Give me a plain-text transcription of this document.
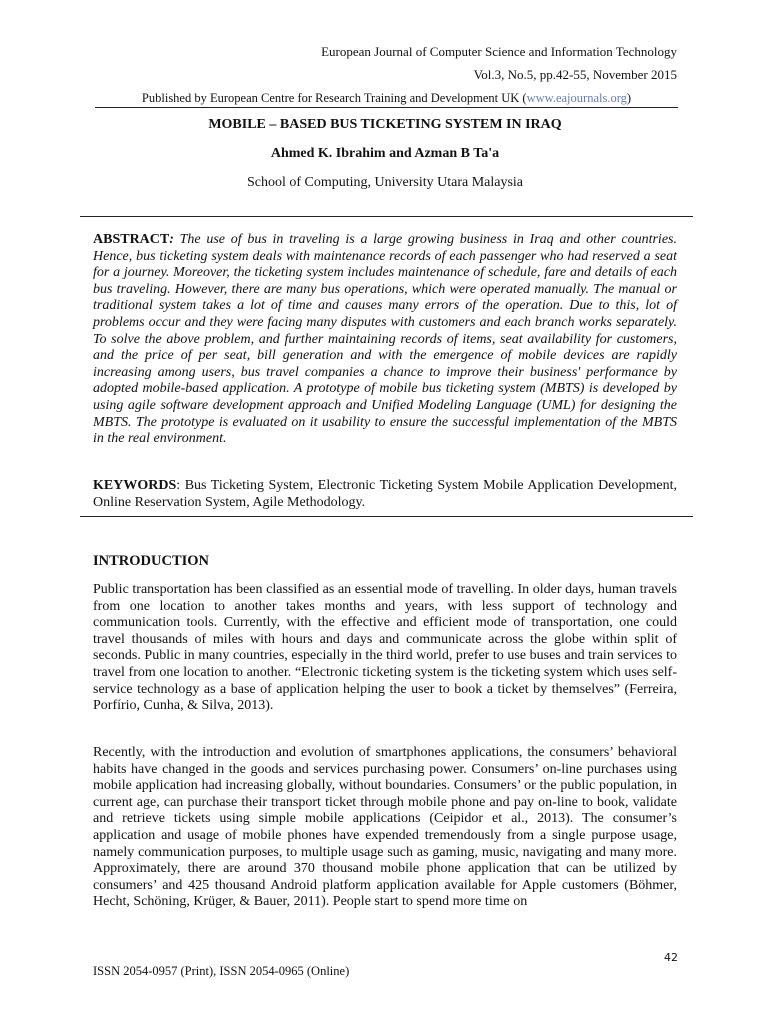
European Journal of Computer Science and Information Technology
Vol.3, No.5, pp.42-55, November 2015
Published by European Centre for Research Training and Development UK (www.eajournals.org)
MOBILE – BASED BUS TICKETING SYSTEM IN IRAQ
Ahmed K. Ibrahim and Azman B Ta'a
School of Computing, University Utara Malaysia
ABSTRACT: The use of bus in traveling is a large growing business in Iraq and other countries. Hence, bus ticketing system deals with maintenance records of each passenger who had reserved a seat for a journey. Moreover, the ticketing system includes maintenance of schedule, fare and details of each bus traveling. However, there are many bus operations, which were operated manually. The manual or traditional system takes a lot of time and causes many errors of the operation. Due to this, lot of problems occur and they were facing many disputes with customers and each branch works separately. To solve the above problem, and further maintaining records of items, seat availability for customers, and the price of per seat, bill generation and with the emergence of mobile devices are rapidly increasing among users, bus travel companies a chance to improve their business' performance by adopted mobile-based application. A prototype of mobile bus ticketing system (MBTS) is developed by using agile software development approach and Unified Modeling Language (UML) for designing the MBTS. The prototype is evaluated on it usability to ensure the successful implementation of the MBTS in the real environment.
KEYWORDS: Bus Ticketing System, Electronic Ticketing System Mobile Application Development, Online Reservation System, Agile Methodology.
INTRODUCTION
Public transportation has been classified as an essential mode of travelling. In older days, human travels from one location to another takes months and years, with less support of technology and communication tools. Currently, with the effective and efficient mode of transportation, one could travel thousands of miles with hours and days and communicate across the globe within split of seconds. Public in many countries, especially in the third world, prefer to use buses and train services to travel from one location to another. “Electronic ticketing system is the ticketing system which uses self-service technology as a base of application helping the user to book a ticket by themselves” (Ferreira, Porfírio, Cunha, & Silva, 2013).
Recently, with the introduction and evolution of smartphones applications, the consumers’ behavioral habits have changed in the goods and services purchasing power. Consumers’ on-line purchases using mobile application had increasing globally, without boundaries. Consumers’ or the public population, in current age, can purchase their transport ticket through mobile phone and pay on-line to book, validate and retrieve tickets using simple mobile applications (Ceipidor et al., 2013). The consumer’s application and usage of mobile phones have expended tremendously from a single purpose usage, namely communication purposes, to multiple usage such as gaming, music, navigating and many more. Approximately, there are around 370 thousand mobile phone application that can be utilized by consumers’ and 425 thousand Android platform application available for Apple customers (Böhmer, Hecht, Schöning, Krüger, & Bauer, 2011). People start to spend more time on
42
ISSN 2054-0957 (Print), ISSN 2054-0965 (Online)
